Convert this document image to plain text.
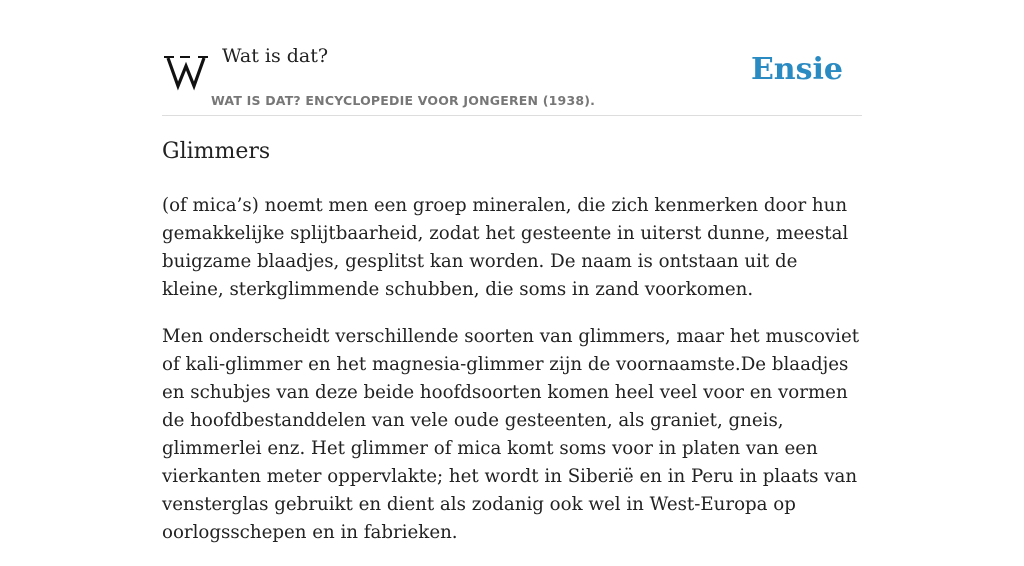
Wat is dat?

WAT IS DAT? ENCYCLOPEDIE VOOR JONGEREN (1938).
Ensie
Glimmers

(of mica’s) noemt men een groep mineralen, die zich kenmerken door hun gemakkelijke splijtbaarheid, zodat het gesteente in uiterst dunne, meestal buigzame blaadjes, gesplitst kan worden. De naam is ontstaan uit de kleine, sterkglimmende schubben, die soms in zand voorkomen.

Men onderscheidt verschillende soorten van glimmers, maar het muscoviet of kali-glimmer en het magnesia-glimmer zijn de voornaamste.De blaadjes en schubjes van deze beide hoofdsoorten komen heel veel voor en vormen de hoofdbestanddelen van vele oude gesteenten, als graniet, gneis, glimmerlei enz. Het glimmer of mica komt soms voor in platen van een vierkanten meter oppervlakte; het wordt in Siberië en in Peru in plaats van vensterglas gebruikt en dient als zodanig ook wel in West-Europa op oorlogsschepen en in fabrieken.
